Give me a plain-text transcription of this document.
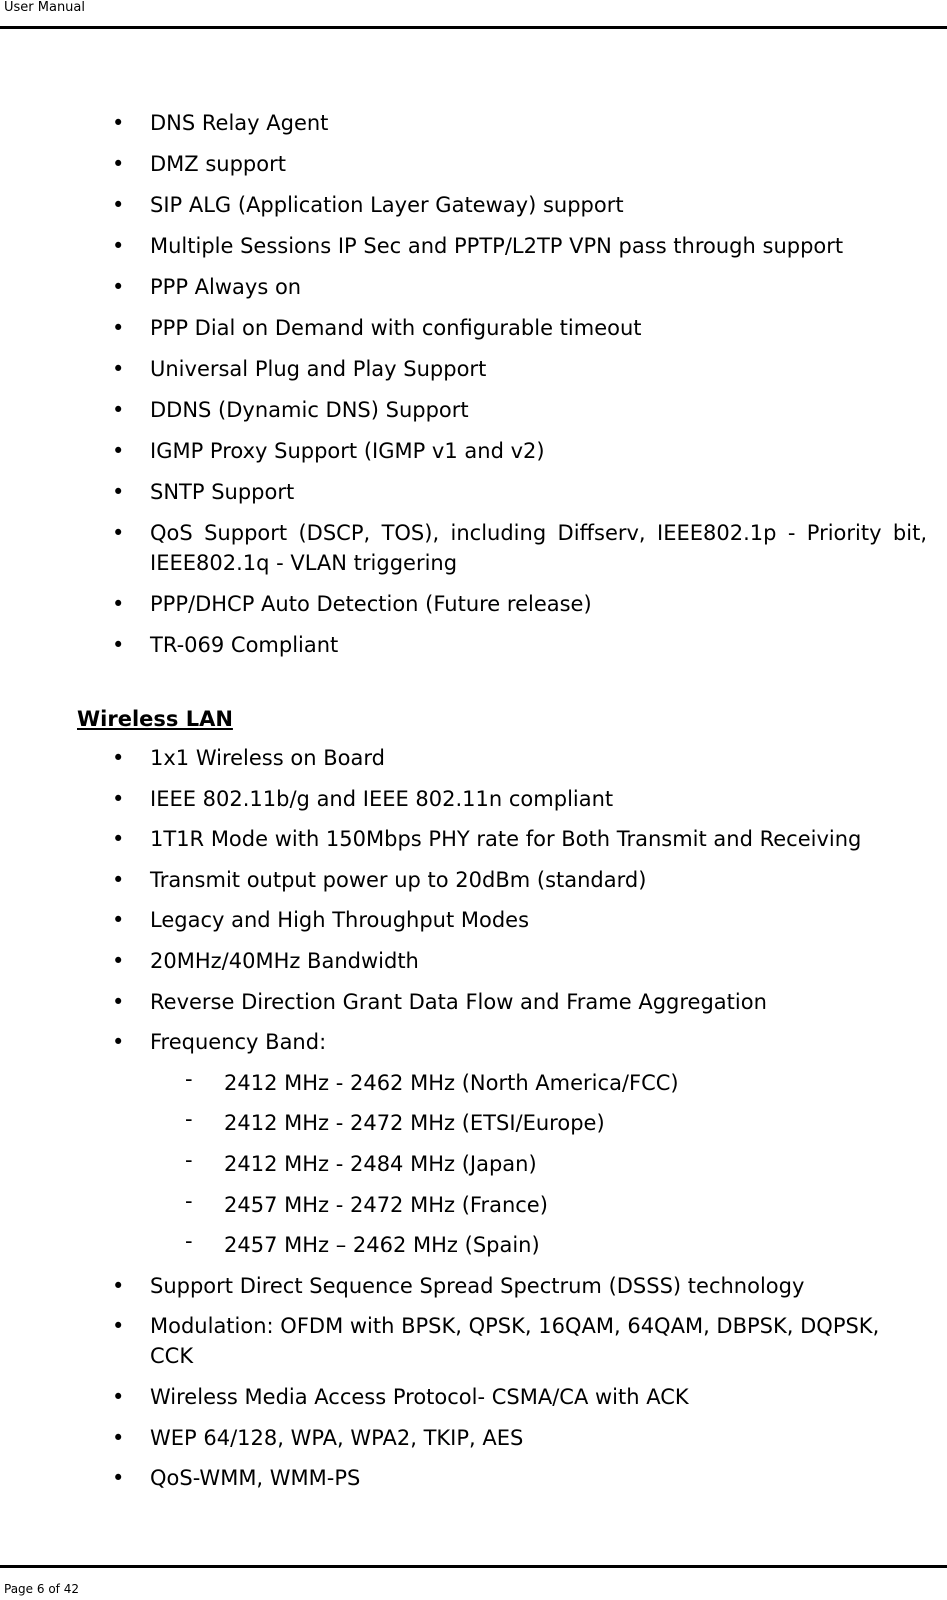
User Manual
• DNS Relay Agent
• DMZ support
• SIP ALG (Application Layer Gateway) support
• Multiple Sessions IP Sec and PPTP/L2TP VPN pass through support
• PPP Always on
• PPP Dial on Demand with configurable timeout
• Universal Plug and Play Support
• DDNS (Dynamic DNS) Support
• IGMP Proxy Support (IGMP v1 and v2)
• SNTP Support
• QoS Support (DSCP, TOS), including Diffserv, IEEE802.1p - Priority bit, IEEE802.1q - VLAN triggering
• PPP/DHCP Auto Detection (Future release)
• TR-069 Compliant
Wireless LAN
• 1x1 Wireless on Board
• IEEE 802.11b/g and IEEE 802.11n compliant
• 1T1R Mode with 150Mbps PHY rate for Both Transmit and Receiving
• Transmit output power up to 20dBm (standard)
• Legacy and High Throughput Modes
• 20MHz/40MHz Bandwidth
• Reverse Direction Grant Data Flow and Frame Aggregation
• Frequency Band:
- 2412 MHz - 2462 MHz (North America/FCC)
- 2412 MHz - 2472 MHz (ETSI/Europe)
- 2412 MHz - 2484 MHz (Japan)
- 2457 MHz - 2472 MHz (France)
- 2457 MHz – 2462 MHz (Spain)
• Support Direct Sequence Spread Spectrum (DSSS) technology
• Modulation: OFDM with BPSK, QPSK, 16QAM, 64QAM, DBPSK, DQPSK, CCK
• Wireless Media Access Protocol- CSMA/CA with ACK
• WEP 64/128, WPA, WPA2, TKIP, AES
• QoS-WMM, WMM-PS
Page 6 of 42
